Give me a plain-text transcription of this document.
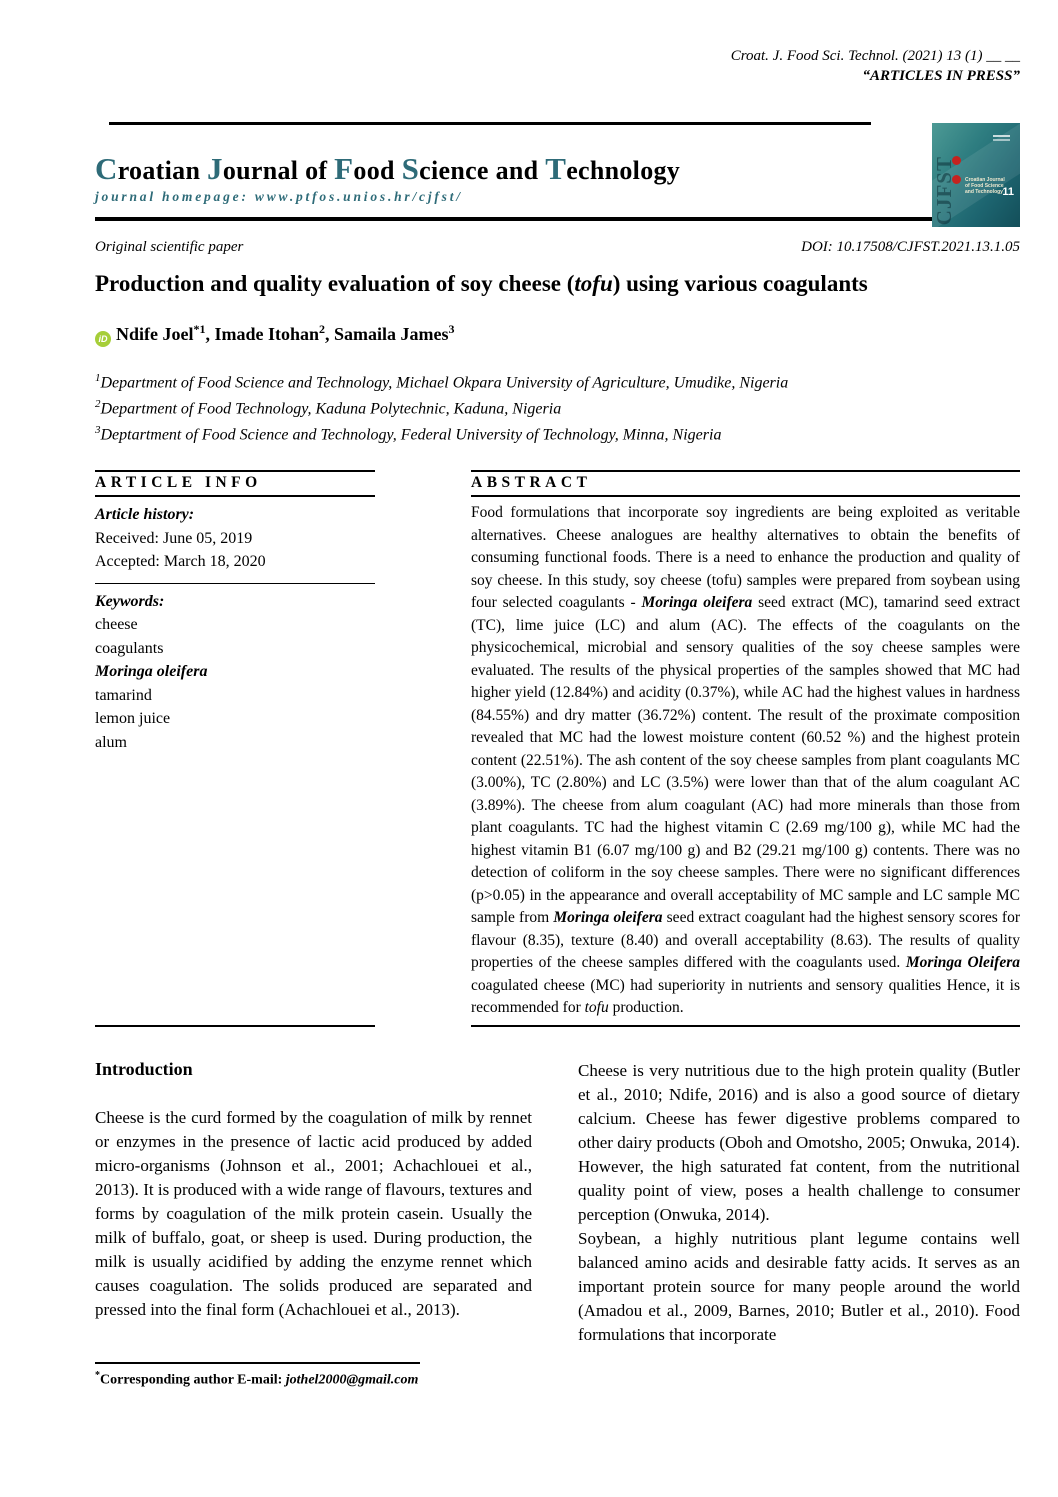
Croat. J. Food Sci. Technol. (2021) 13 (1) __ __
“ARTICLES IN PRESS”
Croatian Journal of Food Science and Technology
journal homepage: www.ptfos.unios.hr/cjfst/
Croatian Journal of Food Science and Technology
CJFST	11
Original scientific paper	DOI: 10.17508/CJFST.2021.13.1.05
Production and quality evaluation of soy cheese (tofu) using various coagulants

iD Ndife Joel$^{*1}$, Imade Itohan$^2$, Samaila James$^3$

$^1$Department of Food Science and Technology, Michael Okpara University of Agriculture, Umudike, Nigeria
$^2$Department of Food Technology, Kaduna Polytechnic, Kaduna, Nigeria
$^3$Deptartment of Food Science and Technology, Federal University of Technology, Minna, Nigeria
ARTICLE INFO
Article history:
Received: June 05, 2019
Accepted: March 18, 2020
Keywords:
cheese
coagulants
Moringa oleifera
tamarind
lemon juice
alum
ABSTRACT

Food formulations that incorporate soy ingredients are being exploited as veritable alternatives. Cheese analogues are healthy alternatives to obtain the benefits of consuming functional foods. There is a need to enhance the production and quality of soy cheese. In this study, soy cheese (tofu) samples were prepared from soybean using four selected coagulants - Moringa oleifera seed extract (MC), tamarind seed extract (TC), lime juice (LC) and alum (AC). The effects of the coagulants on the physicochemical, microbial and sensory qualities of the soy cheese samples were evaluated. The results of the physical properties of the samples showed that MC had higher yield (12.84%) and acidity (0.37%), while AC had the highest values in hardness (84.55%) and dry matter (36.72%) content. The result of the proximate composition revealed that MC had the lowest moisture content (60.52 %) and the highest protein content (22.51%). The ash content of the soy cheese samples from plant coagulants MC (3.00%), TC (2.80%) and LC (3.5%) were lower than that of the alum coagulant AC (3.89%). The cheese from alum coagulant (AC) had more minerals than those from plant coagulants. TC had the highest vitamin C (2.69 mg/100 g), while MC had the highest vitamin B1 (6.07 mg/100 g) and B2 (29.21 mg/100 g) contents. There was no detection of coliform in the soy cheese samples. There were no significant differences (p>0.05) in the appearance and overall acceptability of MC sample and LC sample MC sample from Moringa oleifera seed extract coagulant had the highest sensory scores for flavour (8.35), texture (8.40) and overall acceptability (8.63). The results of quality properties of the cheese samples differed with the coagulants used. Moringa Oleifera coagulated cheese (MC) had superiority in nutrients and sensory qualities Hence, it is recommended for tofu production.

Introduction

Cheese is the curd formed by the coagulation of milk by rennet or enzymes in the presence of lactic acid produced by added micro-organisms (Johnson et al., 2001; Achachlouei et al., 2013). It is produced with a wide range of flavours, textures and forms by coagulation of the milk protein casein. Usually the milk of buffalo, goat, or sheep is used. During production, the milk is usually acidified by adding the enzyme rennet which causes coagulation. The solids produced are separated and pressed into the final form (Achachlouei et al., 2013).

Cheese is very nutritious due to the high protein quality (Butler et al., 2010; Ndife, 2016) and is also a good source of dietary calcium. Cheese has fewer digestive problems compared to other dairy products (Oboh and Omotsho, 2005; Onwuka, 2014). However, the high saturated fat content, from the nutritional quality point of view, poses a health challenge to consumer perception (Onwuka, 2014).

Soybean, a highly nutritious plant legume contains well balanced amino acids and desirable fatty acids. It serves as an important protein source for many people around the world (Amadou et al., 2009, Barnes, 2010; Butler et al., 2010). Food formulations that incorporate

*Corresponding author E-mail: jothel2000@gmail.com
